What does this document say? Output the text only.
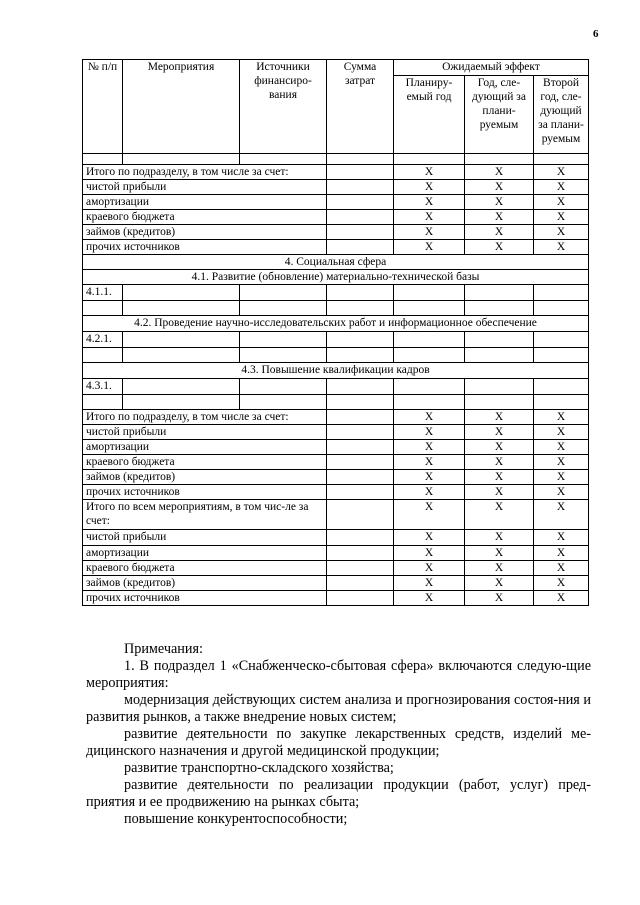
6
№ п/п	Мероприятия	Источники финансиро-вания	Сумма затрат	Ожидаемый эффект		
				Планиру-емый год	Год, сле-дующий за плани-руемым	Второй год, сле-дующий за плани-руемым

Итого по подразделу, в том числе за счет:				X	X	X
чистой прибыли				X	X	X
амортизации				X	X	X
краевого бюджета				X	X	X
займов (кредитов)				X	X	X
прочих источников				X	X	X
4. Социальная сфера						
4.1. Развитие (обновление) материально-технической базы						
4.1.1.						

4.2. Проведение научно-исследовательских работ и информационное обеспечение						
4.2.1.						

4.3. Повышение квалификации кадров						
4.3.1.						

Итого по подразделу, в том числе за счет:				X	X	X
чистой прибыли				X	X	X
амортизации				X	X	X
краевого бюджета				X	X	X
займов (кредитов)				X	X	X
прочих источников				X	X	X
Итого по всем мероприятиям, в том чис-ле за счет:				X	X	X
чистой прибыли				X	X	X
амортизации				X	X	X
краевого бюджета				X	X	X
займов (кредитов)				X	X	X
прочих источников				X	X	X

Примечания:

1. В подраздел 1 «Снабженческо-сбытовая сфера» включаются следую-щие мероприятия:

модернизация действующих систем анализа и прогнозирования состоя-ния и развития рынков, а также внедрение новых систем;

развитие деятельности по закупке лекарственных средств, изделий ме-дицинского назначения и другой медицинской продукции;

развитие транспортно-складского хозяйства;

развитие деятельности по реализации продукции (работ, услуг) пред-приятия и ее продвижению на рынках сбыта;

повышение конкурентоспособности;
